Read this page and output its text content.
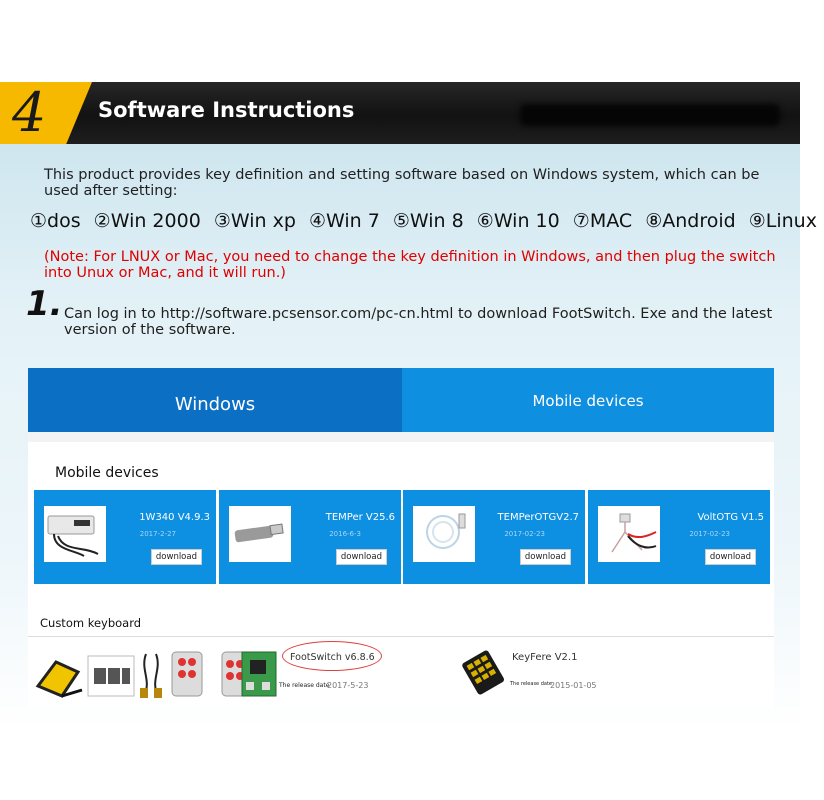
4 Software Instructions
This product provides key definition and setting software based on Windows system, which can be used after setting:
①dos ②Win 2000 ③Win xp ④Win 7 ⑤Win 8 ⑥Win 10 ⑦MAC ⑧Android ⑨Linux
(Note: For LNUX or Mac, you need to change the key definition in Windows, and then plug the switch into Unux or Mac, and it will run.)
1. Can log in to http://software.pcsensor.com/pc-cn.html to download FootSwitch. Exe and the latest version of the software.
Windows	Mobile devices
Mobile devices
1W340 V4.9.3
2017-2-27
download
TEMPer V25.6
2016-6-3
download
TEMPerOTGV2.7
2017-02-23
download
VoltOTG V1.5
2017-02-23
download
Custom keyboard
FootSwitch v6.8.6
The release date
2017-5-23
KeyFere V2.1
The release date
2015-01-05
